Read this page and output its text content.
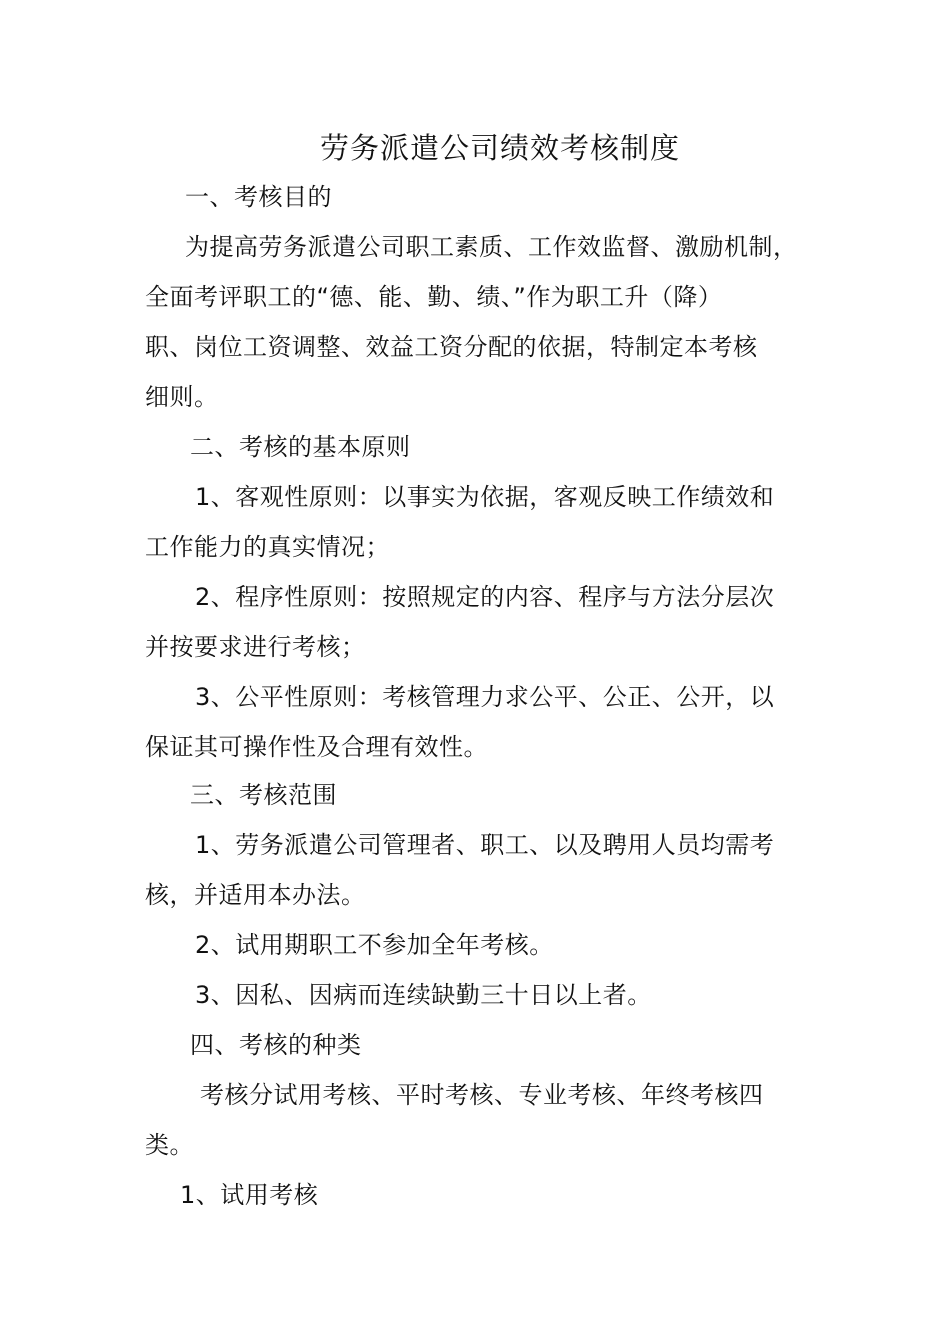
劳务派遣公司绩效考核制度
一、考核目的
为提高劳务派遣公司职工素质、工作效监督、激励机制，
全面考评职工的“德、能、勤、绩、”作为职工升（降）
职、岗位工资调整、效益工资分配的依据，特制定本考核
细则。
二、考核的基本原则
1、客观性原则：以事实为依据，客观反映工作绩效和
工作能力的真实情况；
2、程序性原则：按照规定的内容、程序与方法分层次
并按要求进行考核；
3、公平性原则：考核管理力求公平、公正、公开，以
保证其可操作性及合理有效性。
三、考核范围
1、劳务派遣公司管理者、职工、以及聘用人员均需考
核，并适用本办法。
2、试用期职工不参加全年考核。
3、因私、因病而连续缺勤三十日以上者。
四、考核的种类
考核分试用考核、平时考核、专业考核、年终考核四
类。
1、试用考核
